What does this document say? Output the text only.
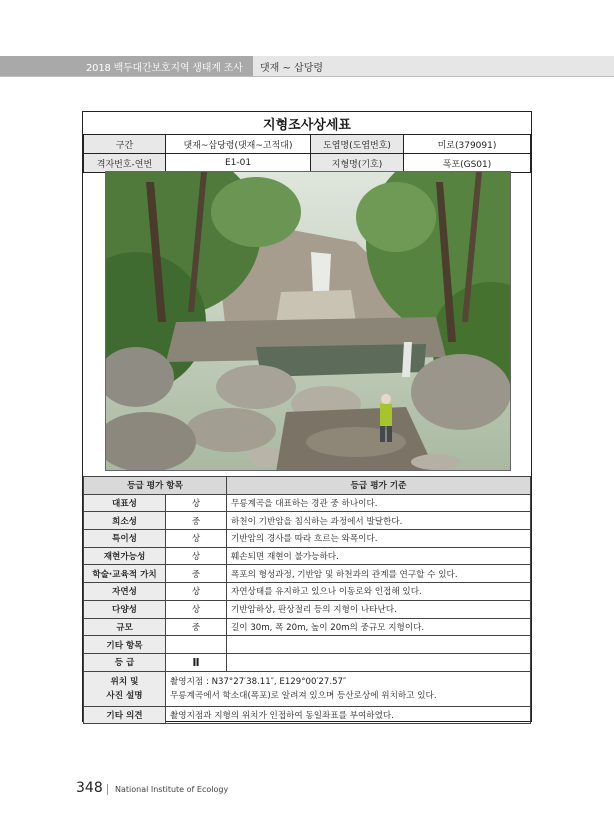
2018 백두대간보호지역 생태계 조사 댓재 ~ 삽당령
지형조사상세표
구간	댓재~삽당령(댓재~고적대)	도엽명(도엽번호)	미로(379091)
격자번호-연번	E1-01	지형명(기호)	폭포(GS01)
등급 평가 항목		등급 평가 기준
대표성	상	무릉계곡을 대표하는 경관 중 하나이다.
희소성	중	하천이 기반암을 침식하는 과정에서 발달한다.
특이성	상	기반암의 경사를 따라 흐르는 와폭이다.
재현가능성	상	훼손되면 재현이 불가능하다.
학술·교육적 가치	중	폭포의 형성과정, 기반암 및 하천과의 관계를 연구할 수 있다.
자연성	상	자연상태를 유지하고 있으나 이동로와 인접해 있다.
다양성	상	기반암하상, 판상절리 등의 지형이 나타난다.
규모	중	길이 30m, 폭 20m, 높이 20m의 중규모 지형이다.
기타 항목		
등 급	Ⅱ	

위치 및
사진 설명	촬영지점 : N37°27′38.11″, E129°00′27.57″
무릉계곡에서 학소대(폭포)로 알려져 있으며 등산로상에 위치하고 있다.	

기타 의견	촬영지점과 지형의 위치가 인접하여 동일좌표를 부여하였다.	
348 National Institute of Ecology
